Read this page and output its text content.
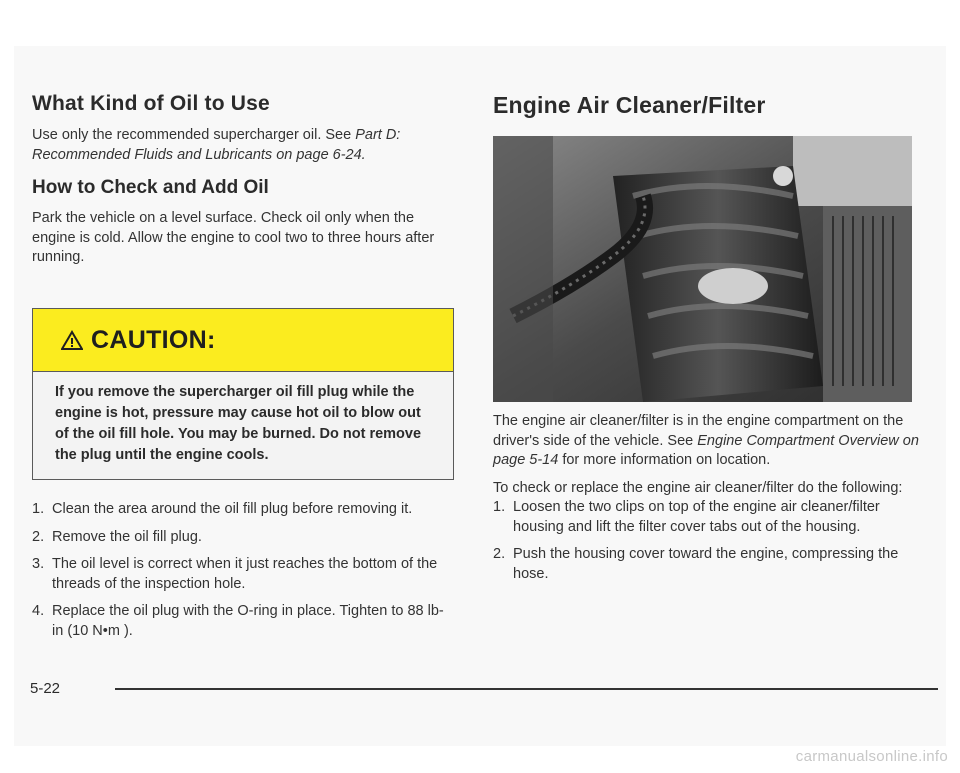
What Kind of Oil to Use

Use only the recommended supercharger oil. See Part D: Recommended Fluids and Lubricants on page 6-24.

How to Check and Add Oil

Park the vehicle on a level surface. Check oil only when the engine is cold. Allow the engine to cool two to three hours after running.

CAUTION:
If you remove the supercharger oil fill plug while the engine is hot, pressure may cause hot oil to blow out of the oil fill hole. You may be burned. Do not remove the plug until the engine cools.
1. Clean the area around the oil fill plug before removing it.
2. Remove the oil fill plug.
3. The oil level is correct when it just reaches the bottom of the threads of the inspection hole.
4. Replace the oil plug with the O-ring in place. Tighten to 88 lb-in (10 N•m ).
Engine Air Cleaner/Filter

The engine air cleaner/filter is in the engine compartment on the driver's side of the vehicle. See Engine Compartment Overview on page 5-14 for more information on location.

To check or replace the engine air cleaner/filter do the following:

1. Loosen the two clips on top of the engine air cleaner/filter housing and lift the filter cover tabs out of the housing.
2. Push the housing cover toward the engine, compressing the hose.
5-22
carmanualsonline.info
